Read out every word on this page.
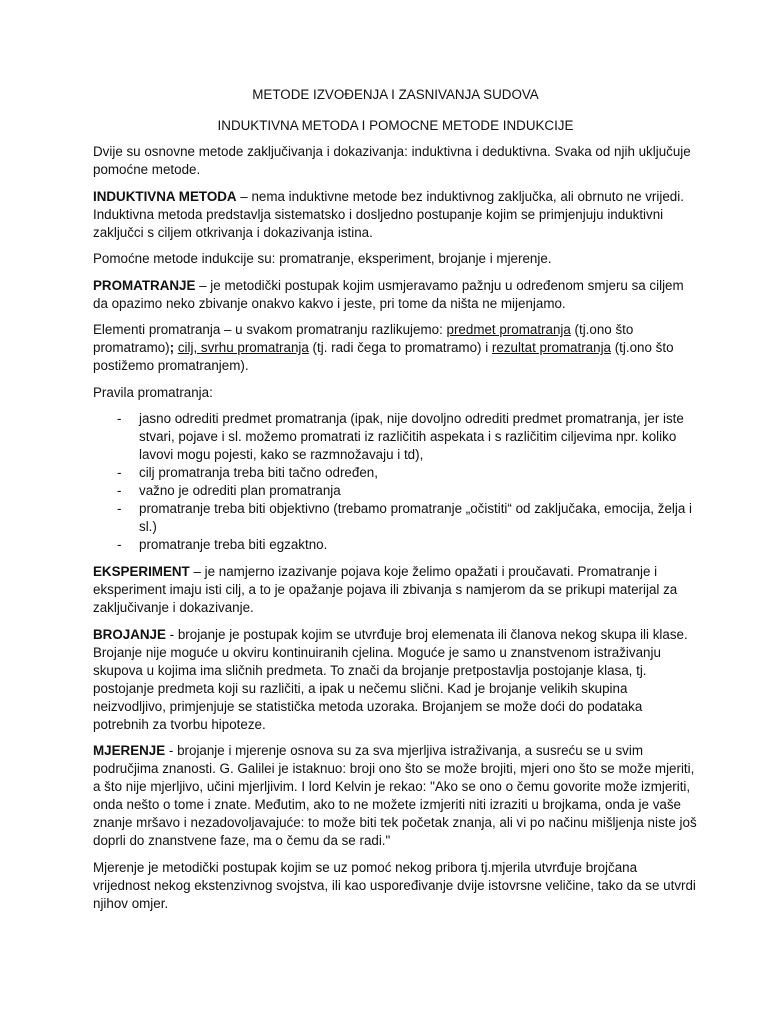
METODE IZVOĐENJA I ZASNIVANJA SUDOVA
INDUKTIVNA METODA I POMOCNE METODE INDUKCIJE

Dvije su osnovne metode zaključivanja i dokazivanja: induktivna i deduktivna. Svaka od njih uključuje pomoćne metode.

INDUKTIVNA METODA – nema induktivne metode bez induktivnog zaključka, ali obrnuto ne vrijedi. Induktivna metoda predstavlja sistematsko i dosljedno postupanje kojim se primjenjuju induktivni zaključci s ciljem otkrivanja i dokazivanja istina.

Pomoćne metode indukcije su: promatranje, eksperiment, brojanje i mjerenje.

PROMATRANJE – je metodički postupak kojim usmjeravamo pažnju u određenom smjeru sa ciljem da opazimo neko zbivanje onakvo kakvo i jeste, pri tome da ništa ne mijenjamo.

Elementi promatranja – u svakom promatranju razlikujemo: predmet promatranja (tj.ono što promatramo); cilj, svrhu promatranja (tj. radi čega to promatramo) i rezultat promatranja (tj.ono što postižemo promatranjem).

Pravila promatranja:

- jasno odrediti predmet promatranja (ipak, nije dovoljno odrediti predmet promatranja, jer iste stvari, pojave i sl. možemo promatrati iz različitih aspekata i s različitim ciljevima npr. koliko lavovi mogu pojesti, kako se razmnožavaju i td),
- cilj promatranja treba biti tačno određen,
- važno je odrediti plan promatranja
- promatranje treba biti objektivno (trebamo promatranje „očistiti“ od zaključaka, emocija, želja i sl.)
- promatranje treba biti egzaktno.

EKSPERIMENT – je namjerno izazivanje pojava koje želimo opažati i proučavati. Promatranje i eksperiment imaju isti cilj, a to je opažanje pojava ili zbivanja s namjerom da se prikupi materijal za zaključivanje i dokazivanje.

BROJANJE - brojanje je postupak kojim se utvrđuje broj elemenata ili članova nekog skupa ili klase. Brojanje nije moguće u okviru kontinuiranih cjelina. Moguće je samo u znanstvenom istraživanju skupova u kojima ima sličnih predmeta. To znači da brojanje pretpostavlja postojanje klasa, tj. postojanje predmeta koji su različiti, a ipak u nečemu slični. Kad je brojanje velikih skupina neizvodljivo, primjenjuje se statistička metoda uzoraka. Brojanjem se može doći do podataka potrebnih za tvorbu hipoteze.

MJERENJE - brojanje i mjerenje osnova su za sva mjerljiva istraživanja, a susreću se u svim područjima znanosti. G. Galilei je istaknuo: broji ono što se može brojiti, mjeri ono što se može mjeriti, a što nije mjerljivo, učini mjerljivim. I lord Kelvin je rekao: "Ako se ono o čemu govorite može izmjeriti, onda nešto o tome i znate. Međutim, ako to ne možete izmjeriti niti izraziti u brojkama, onda je vaše znanje mršavo i nezadovoljavajuće: to može biti tek početak znanja, ali vi po načinu mišljenja niste još doprli do znanstvene faze, ma o čemu da se radi."

Mjerenje je metodički postupak kojim se uz pomoć nekog pribora tj.mjerila utvrđuje brojčana vrijednost nekog ekstenzivnog svojstva, ili kao uspoređivanje dvije istovrsne veličine, tako da se utvrdi njihov omjer.
